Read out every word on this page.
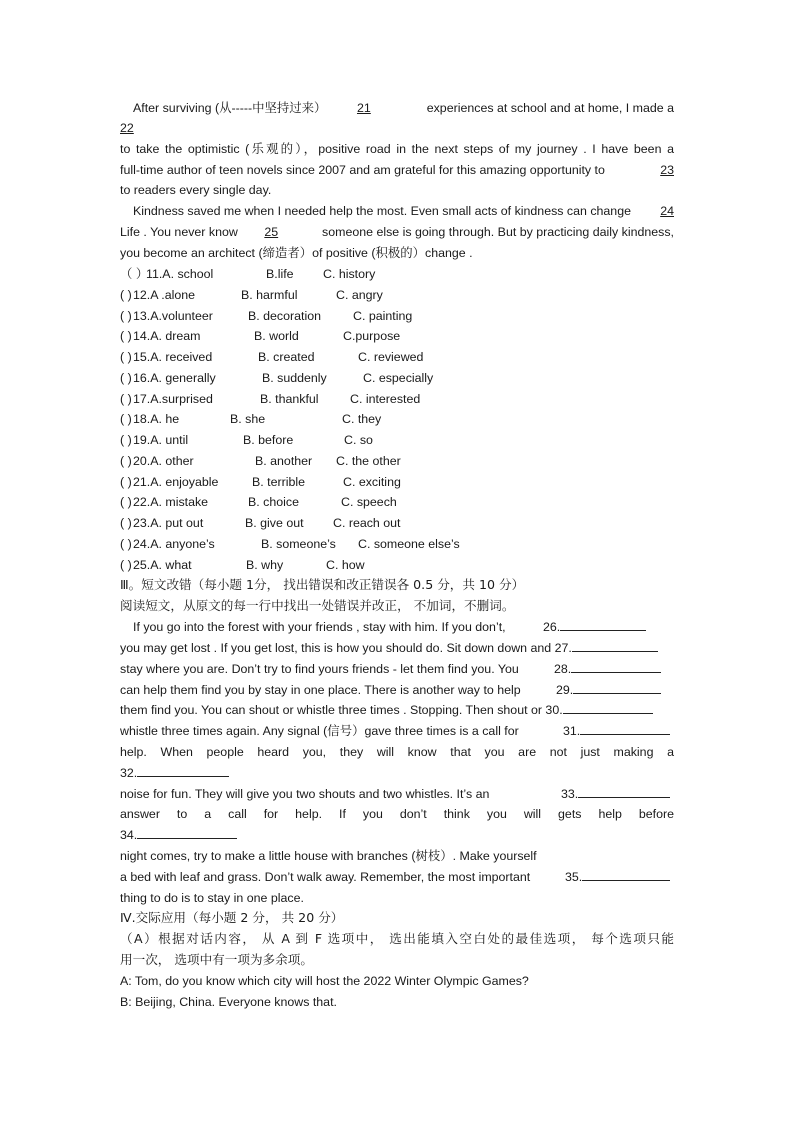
After surviving (从-----中坚持过来） 21	experiences at school and at home, I made a
22
to take the optimistic (乐观的），positive road in the next steps of my journey . I have been a
full-time author of teen novels since 2007 and am grateful for this amazing opportunity to	23
to readers every single day.
Kindness saved me when I needed help the most. Even small acts of kindness can change 24
Life . You never know 25	someone else is going through. But by practicing daily kindness,
you become an architect (缔造者）of positive (积极的）change .
（ ）
11.A. school	B.life C. history
( ) 12.A .alone	B. harmful	C. angry
( ) 13.A.volunteer	B. decoration	C. painting
( ) 14.A. dream	B. world	C.purpose
( ) 15.A. received	B. created	C. reviewed
( ) 16.A. generally	B. suddenly	C. especially
( ) 17.A.surprised	B. thankful	C. interested
( ) 18.A. he	B. she	C. they
( ) 19.A. until	B. before	C. so
( ) 20.A. other	B. another C. the other
( ) 21.A. enjoyable	B. terrible	C. exciting
( ) 22.A. mistake	B. choice	C. speech
( ) 23.A. put out	B. give out C. reach out
( ) 24.A. anyone’s	B. someone’s C. someone else’s
( ) 25.A. what	B. why	C. how
Ⅲ。短文改错（每小题 1分， 找出错误和改正错误各 0.5 分，共 10 分）
阅读短文，从原文的每一行中找出一处错误并改正， 不加词，不删词。
If you go into the forest with your friends , stay with him. If you don’t,	26.
you may get lost . If you get lost, this is how you should do. Sit down down and 27.
stay where you are. Don’t try to find yours friends - let them find you. You	28.
can help them find you by stay in one place. There is another way to help	29.
them find you. You can shout or whistle three times . Stopping. Then shout or 30.
whistle three times again. Any signal (信号）gave three times is a call for	31.
help. When people heard you, they will know that you are not just making a
32.
noise for fun. They will give you two shouts and two whistles. It’s an	33.
answer to a call for help. If you don’t think you will gets help before
34.
night comes, try to make a little house with branches (树枝）. Make yourself
a bed with leaf and grass. Don’t walk away. Remember, the most important	35.
thing to do is to stay in one place.
Ⅳ.交际应用（每小题 2 分， 共 20 分）
（A）根据对话内容， 从 A 到 F 选项中， 选出能填入空白处的最佳选项， 每个选项只能
用一次， 选项中有一项为多余项。
A: Tom, do you know which city will host the 2022 Winter Olympic Games?
B: Beijing, China. Everyone knows that.
